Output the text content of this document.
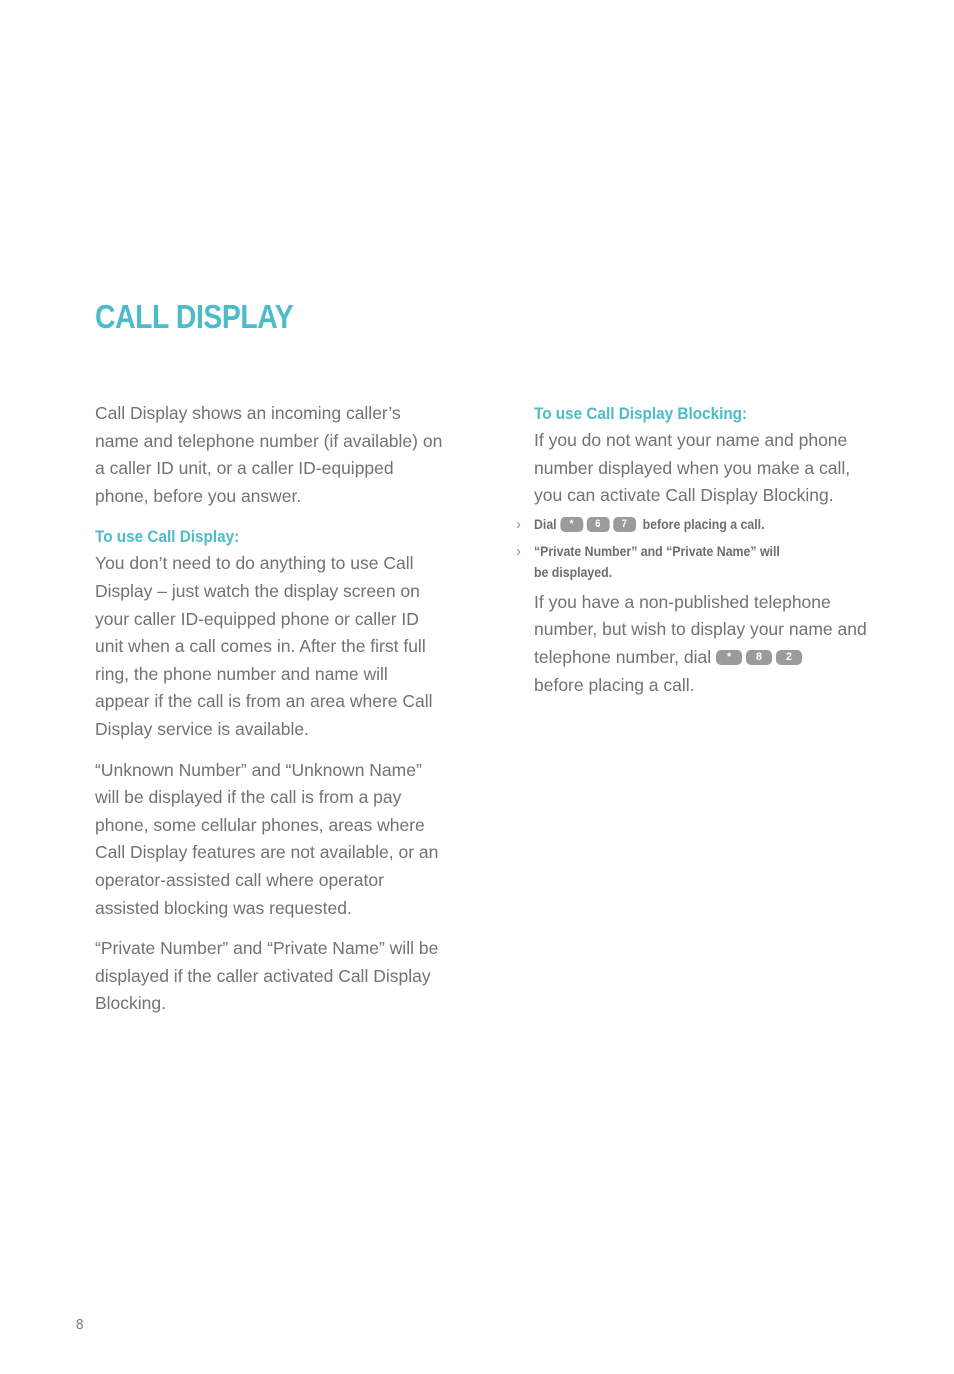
CALL DISPLAY

Call Display shows an incoming caller’s name and telephone number (if available) on a caller ID unit, or a caller ID-equipped phone, before you answer.

To use Call Display:

You don’t need to do anything to use Call Display – just watch the display screen on your caller ID-equipped phone or caller ID unit when a call comes in. After the first full ring, the phone number and name will appear if the call is from an area where Call Display service is available.

“Unknown Number” and “Unknown Name” will be displayed if the call is from a pay phone, some cellular phones, areas where Call Display features are not available, or an operator-assisted call where operator assisted blocking was requested.

“Private Number” and “Private Name” will be displayed if the caller activated Call Display Blocking.

To use Call Display Blocking:

If you do not want your name and phone number displayed when you make a call, you can activate Call Display Blocking.

› Dial * 6 7 before placing a call.
› “Private Number” and “Private Name” will
be displayed.

If you have a non-published telephone number, but wish to display your name and telephone number, dial * 8 2
before placing a call.

8
